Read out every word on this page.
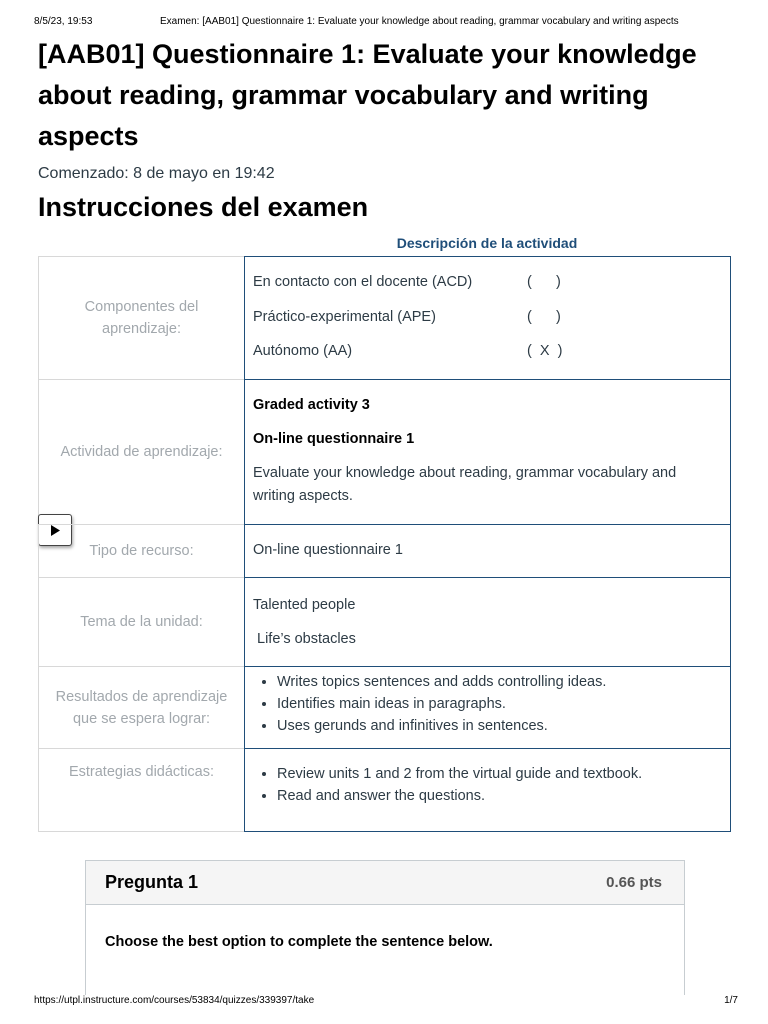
8/5/23, 19:53	Examen: [AAB01] Questionnaire 1: Evaluate your knowledge about reading, grammar vocabulary and writing aspects
[AAB01] Questionnaire 1: Evaluate your knowledge about reading, grammar vocabulary and writing aspects
Comenzado: 8 de mayo en 19:42
Instrucciones del examen
Descripción de la actividad
Componentes del aprendizaje:
En contacto con el docente (ACD)	(      )
Práctico-experimental (APE)	(      )
Autónomo (AA)	(  X  )
Actividad de aprendizaje:
Graded activity 3
On-line questionnaire 1
Evaluate your knowledge about reading, grammar vocabulary and
writing aspects.
Tipo de recurso:	On-line questionnaire 1
Tema de la unidad:
Talented people
Life’s obstacles
Resultados de aprendizaje
que se espera lograr:
• Writes topics sentences and adds controlling ideas.
• Identifies main ideas in paragraphs.
• Uses gerunds and infinitives in sentences.
Estrategias didácticas:
•	Review units 1 and 2 from the virtual guide and textbook.
• Read and answer the questions.
Pregunta 1	0.66 pts
Choose the best option to complete the sentence below.
https://utpl.instructure.com/courses/53834/quizzes/339397/take	1/7
